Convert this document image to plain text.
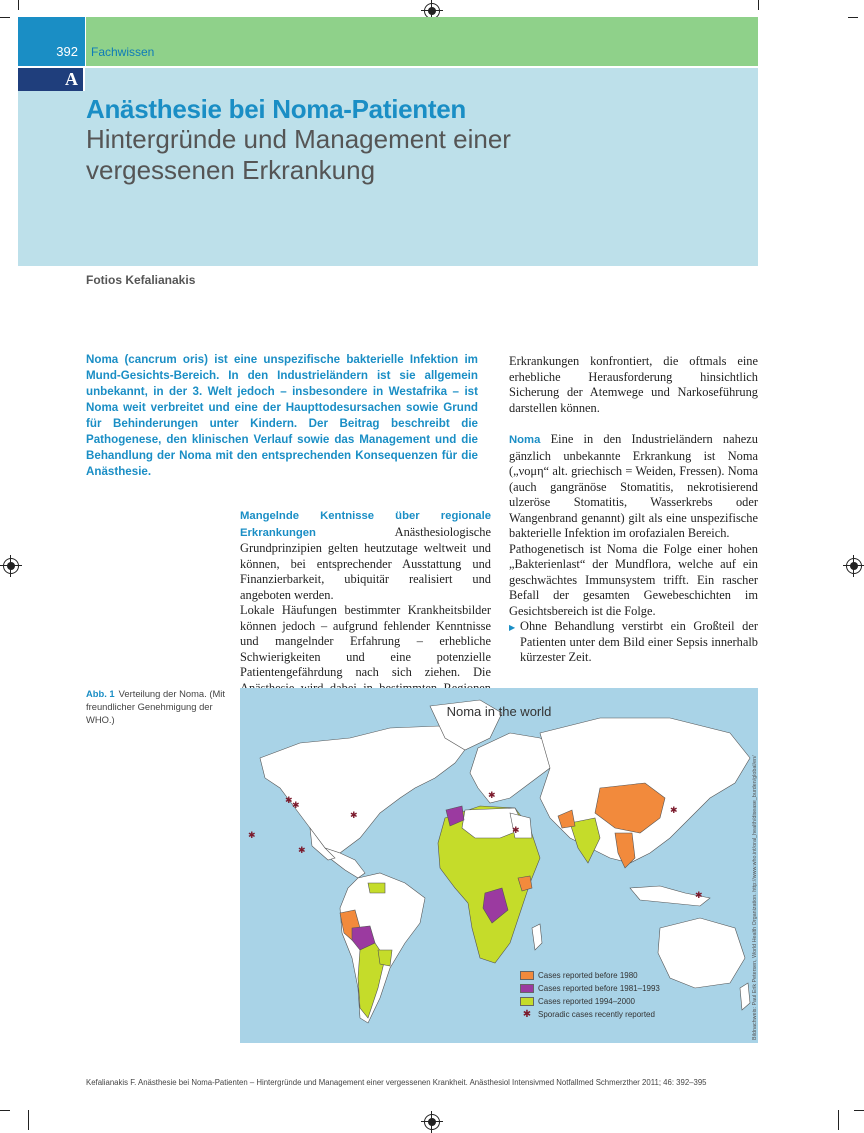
392 Fachwissen
A
Anästhesie bei Noma-Patienten
Hintergründe und Management einer vergessenen Erkrankung
Fotios Kefalianakis
Noma (cancrum oris) ist eine unspezifische bakterielle Infektion im Mund-Gesichts-Bereich. In den Industrieländern ist sie allgemein unbekannt, in der 3. Welt jedoch – insbesondere in Westafrika – ist Noma weit verbreitet und eine der Haupttodesursachen sowie Grund für Behinderungen unter Kindern. Der Beitrag beschreibt die Pathogenese, den klinischen Verlauf sowie das Management und die Behandlung der Noma mit den entsprechenden Konsequenzen für die Anästhesie.

Mangelnde Kentnisse über regionale Erkrankungen	Anästhesiologische Grundprinzipien gelten heutzutage weltweit und können, bei entsprechender Ausstattung und Finanzierbarkeit, ubiquitär realisiert und angeboten werden.

Lokale Häufungen bestimmter Krankheitsbilder können jedoch – aufgrund fehlender Kenntnisse und mangelnder Erfahrung – erhebliche Schwierigkeiten und eine potenzielle Patientengefährdung nach sich ziehen. Die

Erkrankungen konfrontiert, die oftmals eine erhebliche Herausforderung hinsichtlich Sicherung der Atemwege und Narkoseführung darstellen können.

Noma Eine in den Industrieländern nahezu gänzlich unbekannte Erkrankung ist Noma („νομη“ alt. griechisch = Weiden, Fressen). Noma (auch gangränöse Stomatitis, nekrotisierend ulzeröse Stomatitis, Wasserkrebs oder Wangenbrand genannt) gilt als eine unspezifische bakterielle Infektion im orofazialen Bereich.

Pathogenetisch ist Noma die Folge einer hohen „Bakterienlast“ der Mundflora, welche auf ein geschwächtes Immunsystem trifft. Ein rascher Befall der gesamten Gewebeschichten im Gesichtsbereich ist die Folge.

▶ Ohne Behandlung verstirbt ein Großteil der Patienten unter dem Bild einer Sepsis innerhalb kürzester Zeit.

Abb. 1 Verteilung der Noma. (Mit freundlicher Genehmigung der WHO.)
✱ ✱
✱
✱
✱
✱
✱
✱
✱
Noma in the world
Cases reported before 1980
Cases reported before 1981–1993
Cases reported 1994–2000
✱ Sporadic cases recently reported	Bildnachweis: Paul Erik Petersen, World Health Organization. http://www.who.int/oral_health/disease_burden/global/en/
Kefalianakis F. Anästhesie bei Noma-Patienten – Hintergründe und Management einer vergessenen Krankheit. Anästhesiol Intensivmed Notfallmed Schmerzther 2011; 46: 392–395
